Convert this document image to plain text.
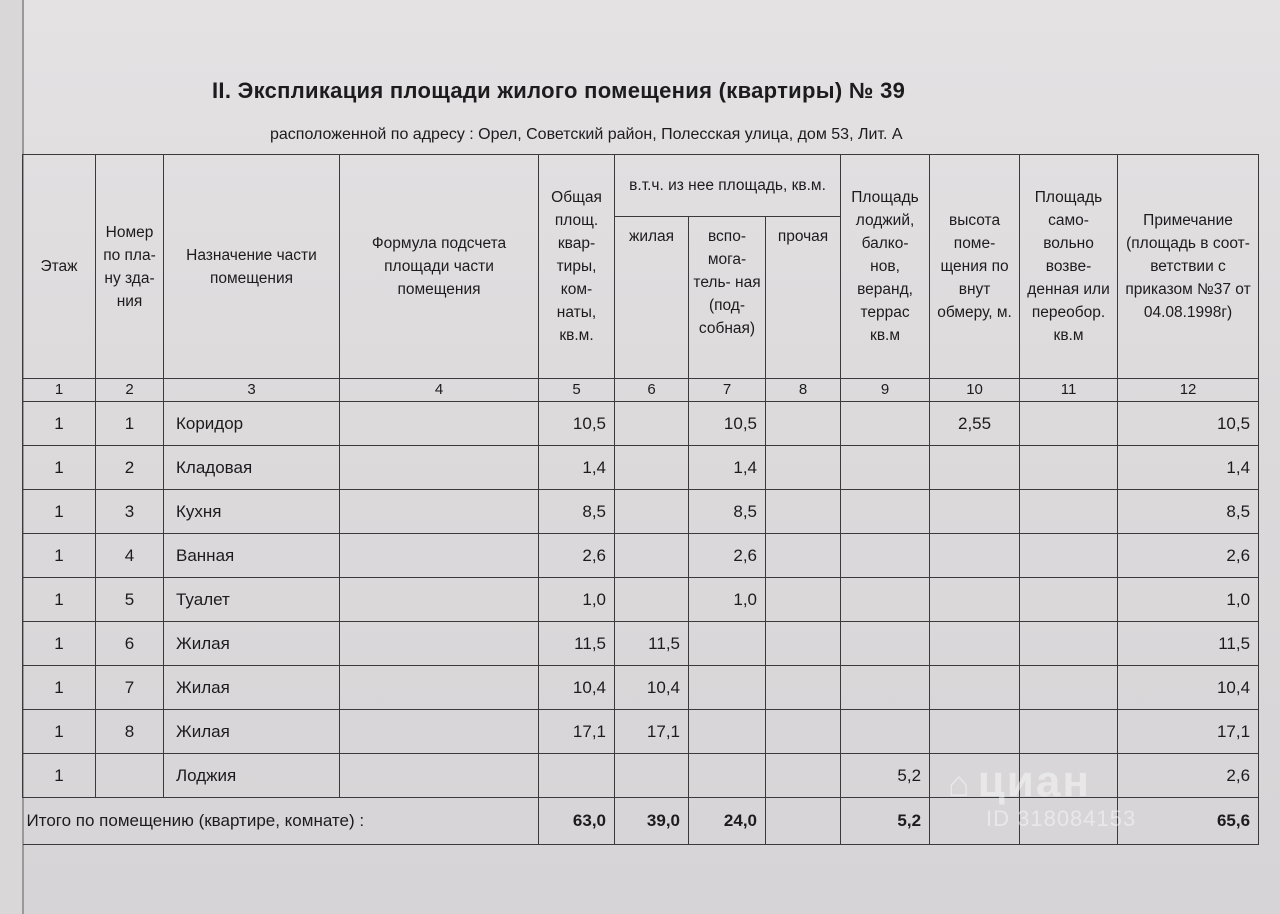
II. Экспликация площади жилого помещения (квартиры) № 39
расположенной по адресу : Орел, Советский район, Полесская улица, дом 53, Лит. А
Этаж	Номер по пла- ну зда- ния	Назначение части помещения	Формула подсчета площади части помещения	Общая площ. квар- тиры, ком- наты, кв.м.	в.т.ч. из нее площадь, кв.м.			Площадь лоджий, балко- нов, веранд, террас кв.м	высота поме- щения по внут обмеру, м.	Площадь само- вольно возве- денная или переобор. кв.м	Примечание (площадь в соот- ветствии с приказом №37 от 04.08.1998г)
					жилая	вспо- мога- тель- ная (под- собная)	прочая				
1	2	3	4	5	6	7	8	9	10	11	12
1	1	Коридор		10,5		10,5			2,55		10,5
1	2	Кладовая		1,4		1,4					1,4
1	3	Кухня		8,5		8,5					8,5
1	4	Ванная		2,6		2,6					2,6
1	5	Туалет		1,0		1,0					1,0
1	6	Жилая		11,5	11,5						11,5
1	7	Жилая		10,4	10,4						10,4
1	8	Жилая		17,1	17,1						17,1
1		Лоджия						5,2			2,6
Итого по помещению (квартире, комнате) :				63,0	39,0	24,0		5,2			65,6
⌂ циан
ID 318084153
